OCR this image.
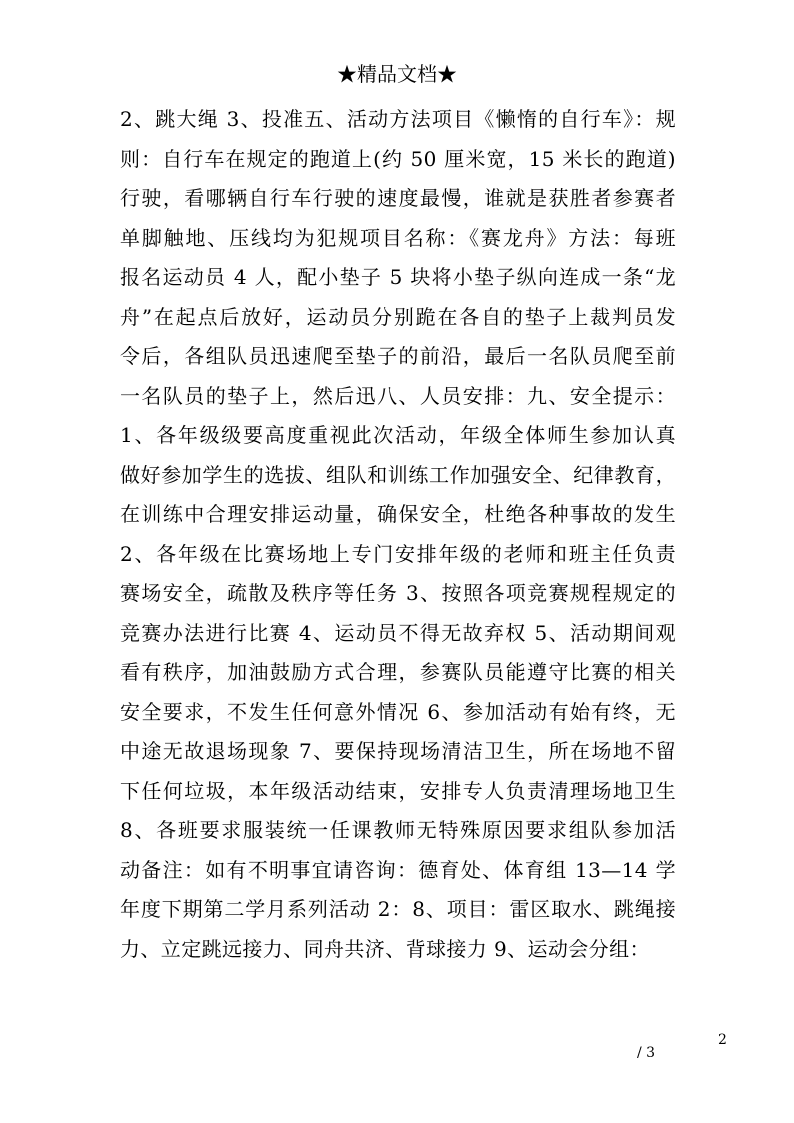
★精品文档★
2、跳大绳 3、投准五、活动方法项目《懒惰的自行车》：规
则：自行车在规定的跑道上(约 50 厘米宽，15 米长的跑道)
行驶，看哪辆自行车行驶的速度最慢，谁就是获胜者参赛者
单脚触地、压线均为犯规项目名称：《赛龙舟》方法：每班
报名运动员 4 人，配小垫子 5 块将小垫子纵向连成一条“龙
舟”在起点后放好，运动员分别跪在各自的垫子上裁判员发
令后，各组队员迅速爬至垫子的前沿，最后一名队员爬至前
一名队员的垫子上，然后迅八、人员安排：九、安全提示：
1、各年级级要高度重视此次活动，年级全体师生参加认真
做好参加学生的选拔、组队和训练工作加强安全、纪律教育，
在训练中合理安排运动量，确保安全，杜绝各种事故的发生
2、各年级在比赛场地上专门安排年级的老师和班主任负责
赛场安全，疏散及秩序等任务 3、按照各项竞赛规程规定的
竞赛办法进行比赛 4、运动员不得无故弃权 5、活动期间观
看有秩序，加油鼓励方式合理，参赛队员能遵守比赛的相关
安全要求，不发生任何意外情况 6、参加活动有始有终，无
中途无故退场现象 7、要保持现场清洁卫生，所在场地不留
下任何垃圾，本年级活动结束，安排专人负责清理场地卫生
8、各班要求服装统一任课教师无特殊原因要求组队参加活
动备注：如有不明事宜请咨询：德育处、体育组 13—14 学
年度下期第二学月系列活动 2：8、项目：雷区取水、跳绳接
力、立定跳远接力、同舟共济、背球接力 9、运动会分组：
2
/ 3
